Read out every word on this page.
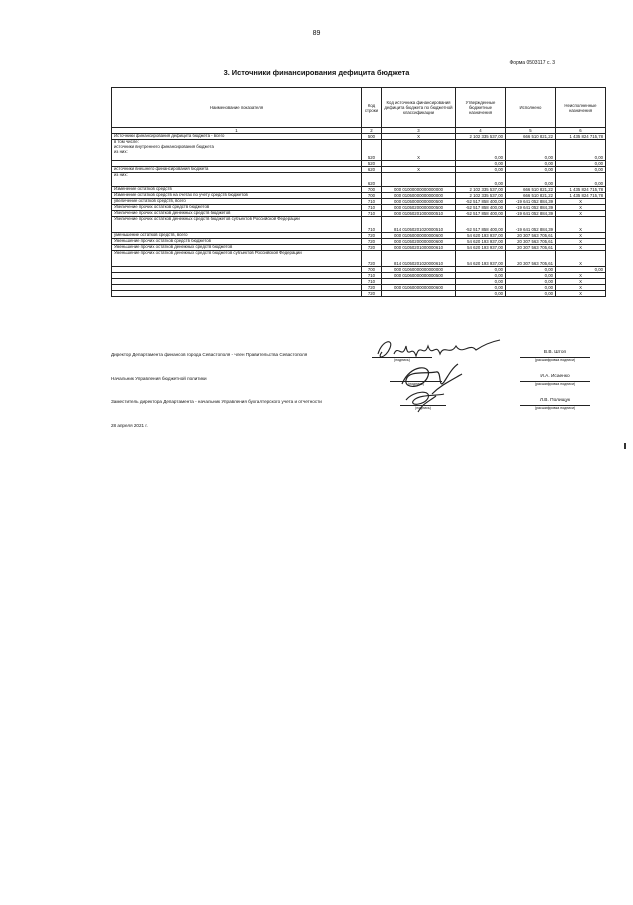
89
Форма 0503117 с. 3
3. Источники финансирования дефицита бюджета
Наименование показателя	Код строки	Код источника финансирования дефицита бюджета по бюджетной классификации	Утвержденные бюджетные назначения	Исполнено	Неисполненные назначения
1	2	3	4	5	6
Источники финансирования дефицита бюджета - всего	500	X	2 102 335 537,00	666 510 821,22	1 435 824 715,78
в том числе:
источники внутреннего финансирования бюджета
из них:	520	X	0,00	0,00	0,00
	520		0,00	0,00	0,00
источники внешнего финансирования бюджета	620	X	0,00	0,00	0,00
из них:	620		0,00	0,00	0,00
Изменение остатков средств	700	000 01000000000000000	2 102 335 537,00	666 510 821,22	1 435 824 715,78
Изменение остатков средств на счетах по учету средств бюджетов	700	000 01050000000000000	2 102 335 537,00	666 510 821,22	1 435 824 715,78
увеличение остатков средств, всего	710	000 01050000000000500	-52 517 858 400,00	-19 641 052 884,39	X
Увеличение прочих остатков средств бюджетов	710	000 01050200000000500	-52 517 858 400,00	-19 641 052 884,39	X
Увеличение прочих остатков денежных средств бюджетов	710	000 01050201000000510	-52 517 858 400,00	-19 641 052 884,39	X
Увеличение прочих остатков денежных средств бюджетов субъектов Российской Федерации	710	814 01050201020000510	-52 517 858 400,00	-19 641 052 884,39	X
уменьшение остатков средств, всего	720	000 01050000000000600	54 620 193 937,00	20 307 563 705,61	X
Уменьшение прочих остатков средств бюджетов	720	000 01050200000000600	54 620 193 937,00	20 307 563 705,61	X
Уменьшение прочих остатков денежных средств бюджетов	720	000 01050201000000610	54 620 193 937,00	20 307 563 705,61	X
Уменьшение прочих остатков денежных средств бюджетов субъектов Российской Федерации	720	814 01050201020000610	54 620 193 937,00	20 307 563 705,61	X
	700	000 01060000000000000	0,00	0,00	0,00
	710	000 01060000000000500	0,00	0,00	X
	710		0,00	0,00	X
	720	000 01060000000000600	0,00	0,00	X
	720		0,00	0,00	X
Директор Департамента финансов города Севастополя - член Правительства Севастополя
(подпись)
В.В. Штоп
(расшифровка подписи)
Начальник Управления бюджетной политики
(подпись)
И.А. Исаенко
(расшифровка подписи)
Заместитель директора Департамента - начальник Управления бухгалтерского учета и отчетности
(подпись)
Л.В. Полищук
(расшифровка подписи)
28 апреля 2021 г.
